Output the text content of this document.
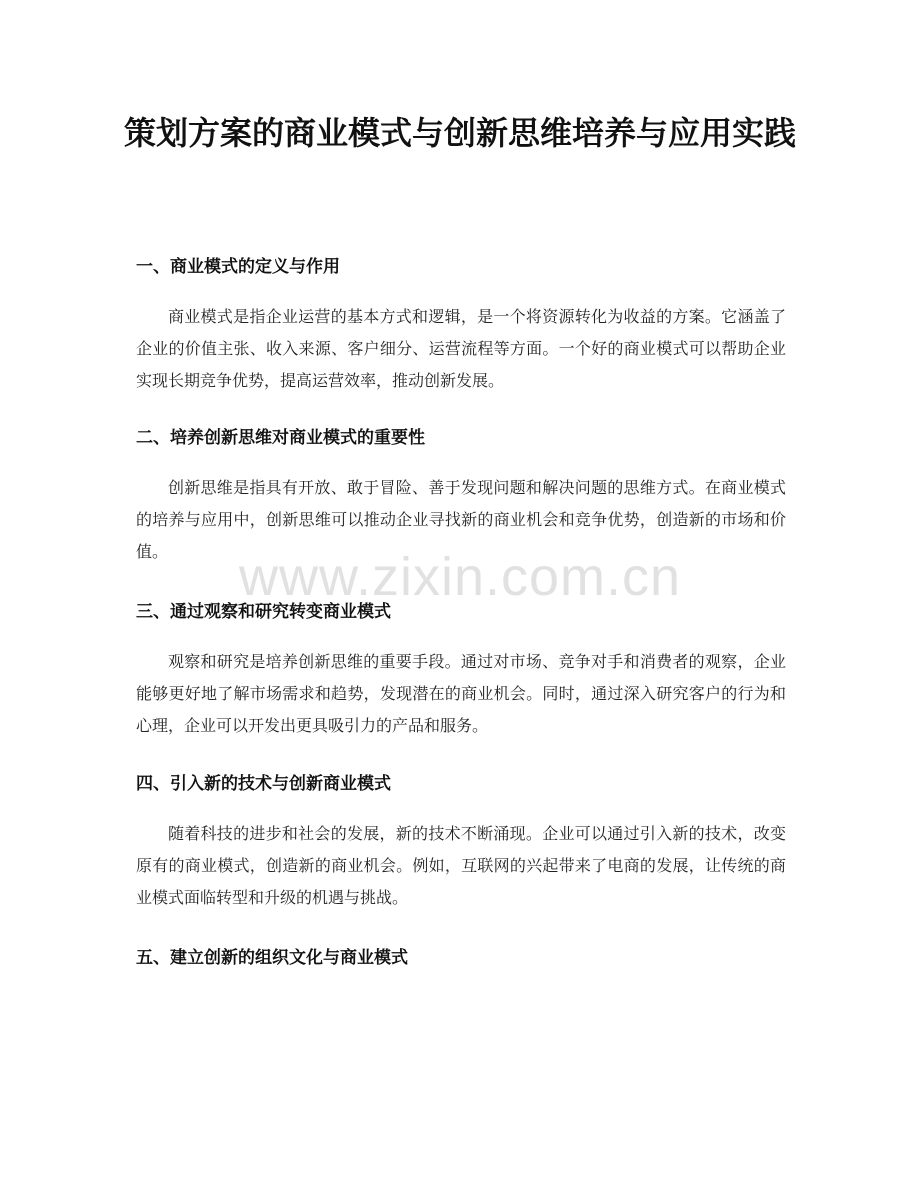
策划方案的商业模式与创新思维培养与应用实践
一、商业模式的定义与作用

商业模式是指企业运营的基本方式和逻辑，是一个将资源转化为收益的方案。它涵盖了企业的价值主张、收入来源、客户细分、运营流程等方面。一个好的商业模式可以帮助企业实现长期竞争优势，提高运营效率，推动创新发展。

二、培养创新思维对商业模式的重要性

创新思维是指具有开放、敢于冒险、善于发现问题和解决问题的思维方式。在商业模式的培养与应用中，创新思维可以推动企业寻找新的商业机会和竞争优势，创造新的市场和价值。

三、通过观察和研究转变商业模式

观察和研究是培养创新思维的重要手段。通过对市场、竞争对手和消费者的观察，企业能够更好地了解市场需求和趋势，发现潜在的商业机会。同时，通过深入研究客户的行为和心理，企业可以开发出更具吸引力的产品和服务。

四、引入新的技术与创新商业模式

随着科技的进步和社会的发展，新的技术不断涌现。企业可以通过引入新的技术，改变原有的商业模式，创造新的商业机会。例如，互联网的兴起带来了电商的发展，让传统的商业模式面临转型和升级的机遇与挑战。

五、建立创新的组织文化与商业模式
www.zixin.com.cn
